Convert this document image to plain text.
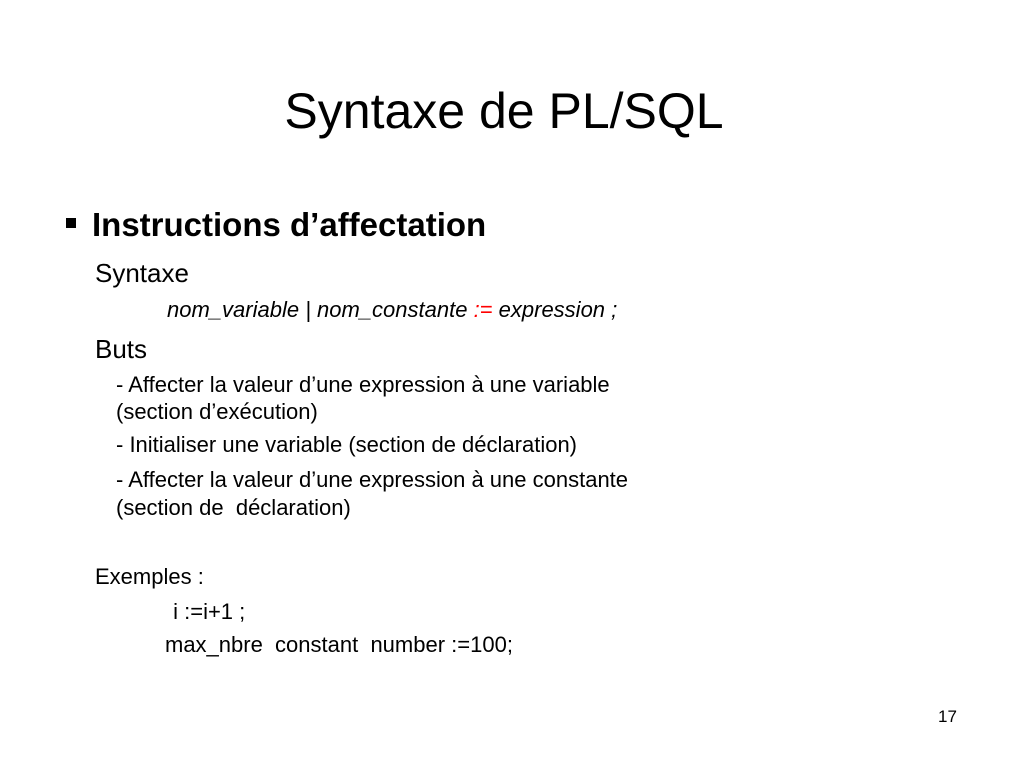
Syntaxe de PL/SQL
Instructions d’affectation
Syntaxe
nom_variable | nom_constante := expression ;
Buts
- Affecter la valeur d’une expression à une variable
(section d’exécution)
- Initialiser une variable (section de déclaration)
- Affecter la valeur d’une expression à une constante
(section de  déclaration)
Exemples :
i :=i+1 ;
max_nbre  constant  number :=100;
17
